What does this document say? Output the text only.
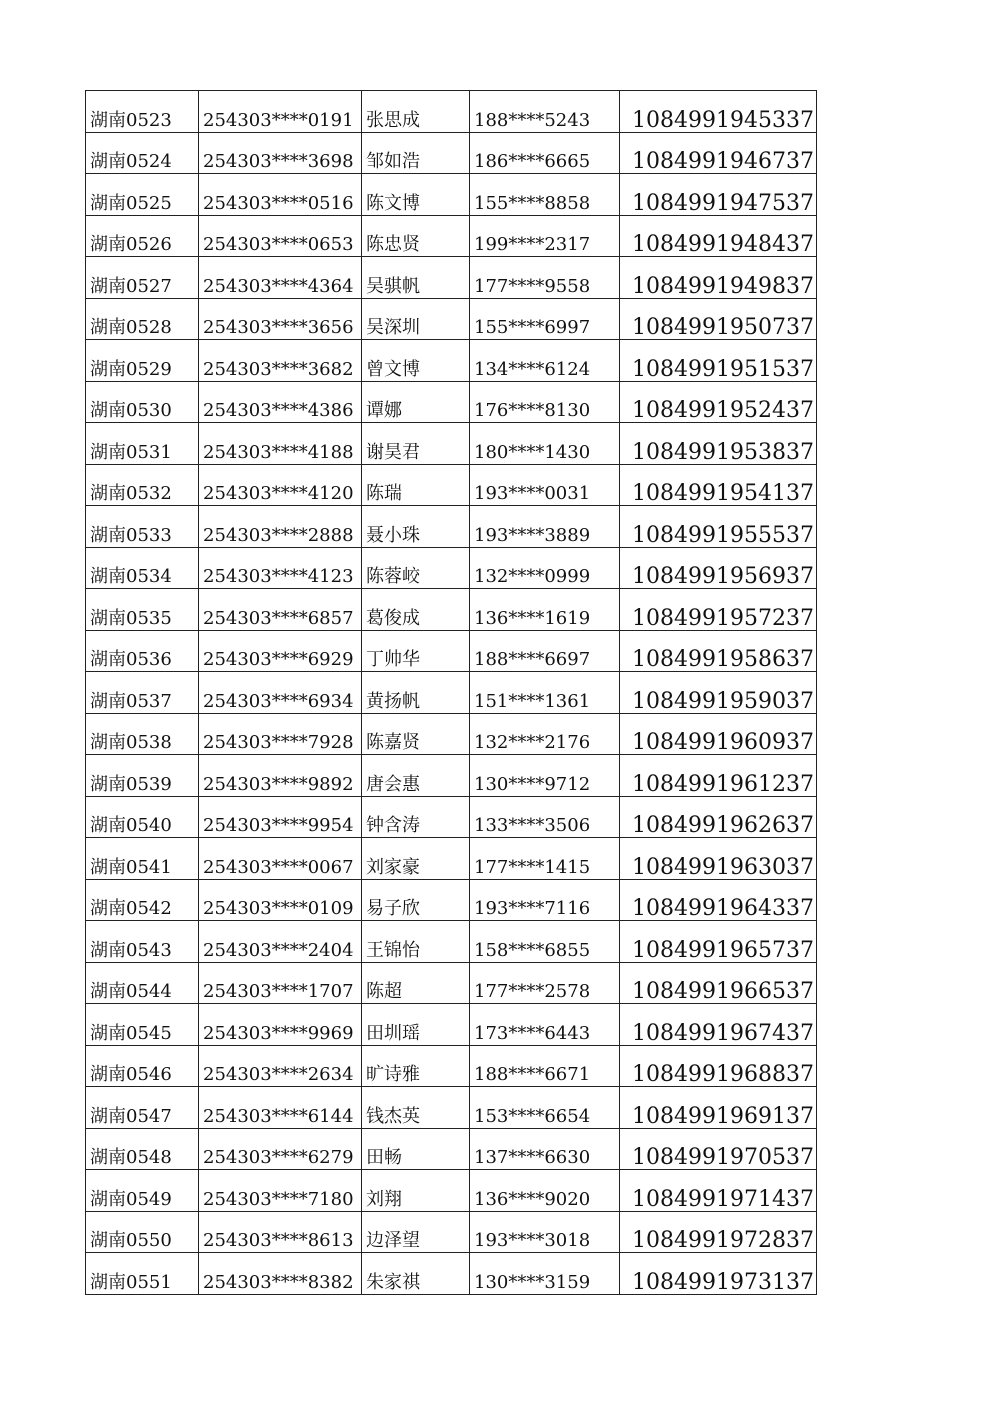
湖南0523	254303****0191	张思成	188****5243	1084991945337
湖南0524	254303****3698	邹如浩	186****6665	1084991946737
湖南0525	254303****0516	陈文博	155****8858	1084991947537
湖南0526	254303****0653	陈忠贤	199****2317	1084991948437
湖南0527	254303****4364	吴骐帆	177****9558	1084991949837
湖南0528	254303****3656	吴深圳	155****6997	1084991950737
湖南0529	254303****3682	曾文博	134****6124	1084991951537
湖南0530	254303****4386	谭娜	176****8130	1084991952437
湖南0531	254303****4188	谢昊君	180****1430	1084991953837
湖南0532	254303****4120	陈瑞	193****0031	1084991954137
湖南0533	254303****2888	聂小珠	193****3889	1084991955537
湖南0534	254303****4123	陈蓉峧	132****0999	1084991956937
湖南0535	254303****6857	葛俊成	136****1619	1084991957237
湖南0536	254303****6929	丁帅华	188****6697	1084991958637
湖南0537	254303****6934	黄扬帆	151****1361	1084991959037
湖南0538	254303****7928	陈嘉贤	132****2176	1084991960937
湖南0539	254303****9892	唐会惠	130****9712	1084991961237
湖南0540	254303****9954	钟含涛	133****3506	1084991962637
湖南0541	254303****0067	刘家豪	177****1415	1084991963037
湖南0542	254303****0109	易子欣	193****7116	1084991964337
湖南0543	254303****2404	王锦怡	158****6855	1084991965737
湖南0544	254303****1707	陈超	177****2578	1084991966537
湖南0545	254303****9969	田圳瑶	173****6443	1084991967437
湖南0546	254303****2634	旷诗雅	188****6671	1084991968837
湖南0547	254303****6144	钱杰英	153****6654	1084991969137
湖南0548	254303****6279	田畅	137****6630	1084991970537
湖南0549	254303****7180	刘翔	136****9020	1084991971437
湖南0550	254303****8613	边泽望	193****3018	1084991972837
湖南0551	254303****8382	朱家祺	130****3159	1084991973137
